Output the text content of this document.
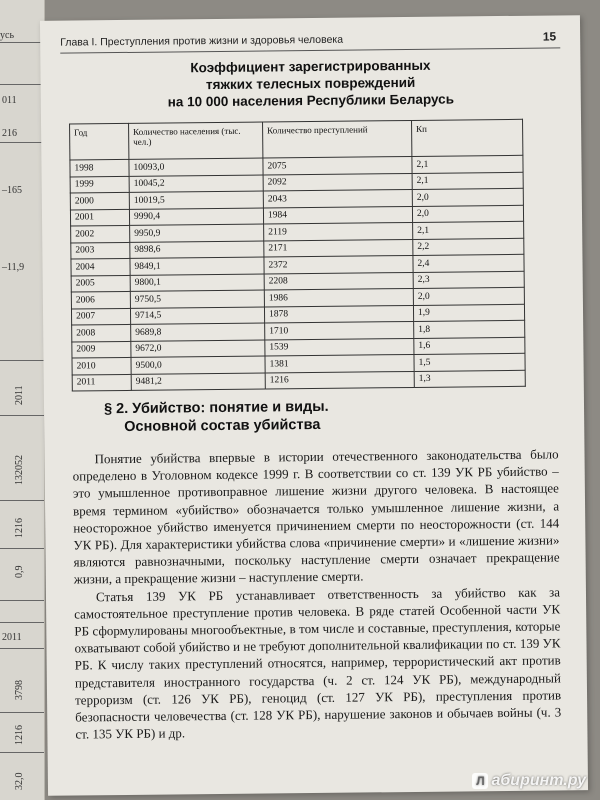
усь
011
216
–165
–11,9
2011
132052
1216
0,9
2011
3798
1216
32,0
Глава I. Преступления против жизни и здоровья человека	15
Коэффициент зарегистрированных
тяжких телесных повреждений
на 10 000 населения Республики Беларусь
Год	Количество населения (тыс. чел.)	Количество преступлений	Кп
1998	10093,0	2075	2,1
1999	10045,2	2092	2,1
2000	10019,5	2043	2,0
2001	9990,4	1984	2,0
2002	9950,9	2119	2,1
2003	9898,6	2171	2,2
2004	9849,1	2372	2,4
2005	9800,1	2208	2,3
2006	9750,5	1986	2,0
2007	9714,5	1878	1,9
2008	9689,8	1710	1,8
2009	9672,0	1539	1,6
2010	9500,0	1381	1,5
2011	9481,2	1216	1,3
§ 2. Убийство: понятие и виды.
Основной состав убийства

Понятие убийства впервые в истории отечественного законодательства было определено в Уголовном кодексе 1999 г. В соответствии со ст. 139 УК РБ убийство – это умышленное противоправное лишение жизни другого человека. В настоящее время термином «убийство» обозначается только умышленное лишение жизни, а неосторожное убийство именуется причинением смерти по неосторожности (ст. 144 УК РБ). Для характеристики убийства слова «причинение смерти» и «лишение жизни» являются равнозначными, поскольку наступление смерти означает прекращение жизни, а прекращение жизни – наступление смерти.

Статья 139 УК РБ устанавливает ответственность за убийство как за самостоятельное преступление против человека. В ряде статей Особенной части УК РБ сформулированы многообъектные, в том числе и составные, преступления, которые охватывают собой убийство и не требуют дополнительной квалификации по ст. 139 УК РБ. К числу таких преступлений относятся, например, террористический акт против представителя иностранного государства (ч. 2 ст. 124 УК РБ), международный терроризм (ст. 126 УК РБ), геноцид (ст. 127 УК РБ), преступления против безопасности человечества (ст. 128 УК РБ), нарушение законов и обычаев войны (ч. 3 ст. 135 УК РБ) и др.

Л абиринт.ру
